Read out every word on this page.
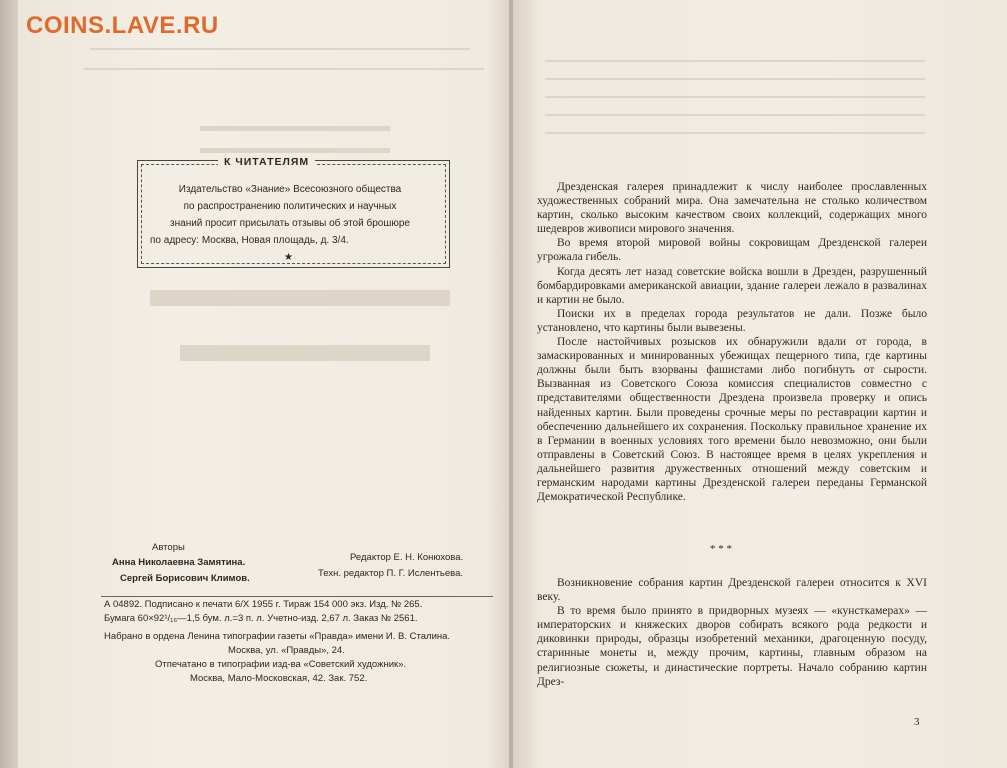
COINS.LAVE.RU
К ЧИТАТЕЛЯМ
Издательство «Знание» Всесоюзного общества
по распространению политических и научных
знаний просит присылать отзывы об этой брошюре
по адресу: Москва, Новая площадь, д. 3/4.
★
Авторы
Анна Николаевна Замятина.
Сергей Борисович Климов.
Редактор Е. Н. Конюхова.
Техн. редактор П. Г. Ислентьева.
А 04892. Подписано к печати 6/X 1955 г. Тираж 154 000 экз. Изд. № 265.
Бумага 60×92¹/₁₆—1,5 бум. л.=3 п. л. Учетно-изд. 2,67 л. Заказ № 2561.
Набрано в ордена Ленина типографии газеты «Правда» имени И. В. Сталина.
Москва, ул. «Правды», 24.
Отпечатано в типографии изд-ва «Советский художник».
Москва, Мало-Московская, 42. Зак. 752.

Дрезденская галерея принадлежит к числу наиболее прославленных художественных собраний мира. Она замечательна не столько количеством картин, сколько высоким качеством своих коллекций, содержащих много шедевров живописи мирового значения.

Во время второй мировой войны сокровищам Дрезденской галереи угрожала гибель.

Когда десять лет назад советские войска вошли в Дрезден, разрушенный бомбардировками американской авиации, здание галереи лежало в развалинах и картин не было.

Поиски их в пределах города результатов не дали. Позже было установлено, что картины были вывезены.

После настойчивых розысков их обнаружили вдали от города, в замаскированных и минированных убежищах пещерного типа, где картины должны были быть взорваны фашистами либо погибнуть от сырости. Вызванная из Советского Союза комиссия специалистов совместно с представителями общественности Дрездена произвела проверку и опись найденных картин. Были проведены срочные меры по реставрации картин и обеспечению дальнейшего их сохранения. Поскольку правильное хранение их в Германии в военных условиях того времени было невозможно, они были отправлены в Советский Союз. В настоящее время в целях укрепления и дальнейшего развития дружественных отношений между советским и германским народами картины Дрезденской галереи переданы Германской Демократической Республике.

* * *

Возникновение собрания картин Дрезденской галереи относится к XVI веку.

В то время было принято в придворных музеях — «кунсткамерах» — императорских и княжеских дворов собирать всякого рода редкости и диковинки природы, образцы изобретений механики, драгоценную посуду, старинные монеты и, между прочим, картины, главным образом на религиозные сюжеты, и династические портреты. Начало собранию картин Дрез-

3
